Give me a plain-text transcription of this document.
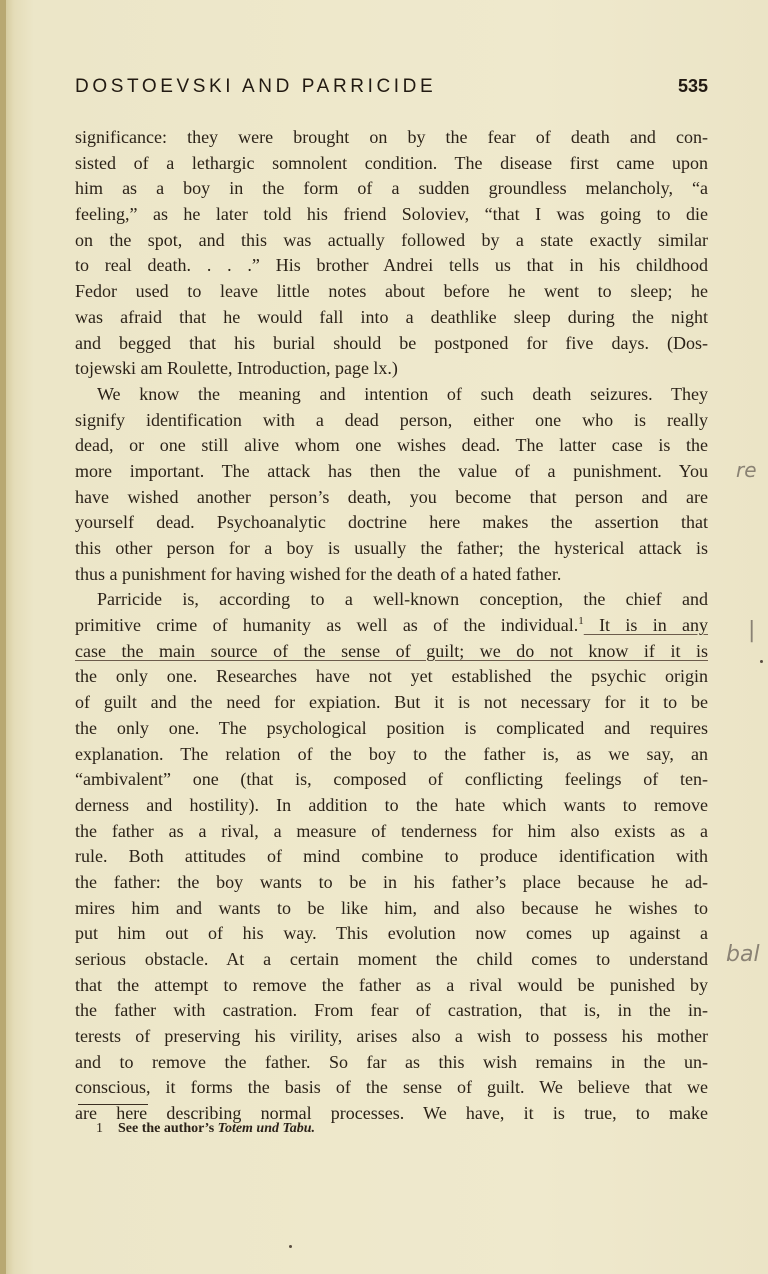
DOSTOEVSKI AND PARRICIDE	535

significance: they were brought on by the fear of death and con-
sisted of a lethargic somnolent condition. The disease first came upon
him as a boy in the form of a sudden groundless melancholy, “a
feeling,” as he later told his friend Soloviev, “that I was going to die
on the spot, and this was actually followed by a state exactly similar
to real death. . . .” His brother Andrei tells us that in his childhood
Fedor used to leave little notes about before he went to sleep; he
was afraid that he would fall into a deathlike sleep during the night
and begged that his burial should be postponed for five days. (Dos-
tojewski am Roulette, Introduction, page lx.)

We know the meaning and intention of such death seizures. They
signify identification with a dead person, either one who is really
dead, or one still alive whom one wishes dead. The latter case is the
more important. The attack has then the value of a punishment. You
have wished another person’s death, you become that person and are
yourself dead. Psychoanalytic doctrine here makes the assertion that
this other person for a boy is usually the father; the hysterical attack is
thus a punishment for having wished for the death of a hated father.

Parricide is, according to a well-known conception, the chief and
primitive crime of humanity as well as of the individual.$^1$ It is in any
case the main source of the sense of guilt; we do not know if it is
the only one. Researches have not yet established the psychic origin
of guilt and the need for expiation. But it is not necessary for it to be
the only one. The psychological position is complicated and requires
explanation. The relation of the boy to the father is, as we say, an
“ambivalent” one (that is, composed of conflicting feelings of ten-
derness and hostility). In addition to the hate which wants to remove
the father as a rival, a measure of tenderness for him also exists as a
rule. Both attitudes of mind combine to produce identification with
the father: the boy wants to be in his father’s place because he ad-
mires him and wants to be like him, and also because he wishes to
put him out of his way. This evolution now comes up against a
serious obstacle. At a certain moment the child comes to understand
that the attempt to remove the father as a rival would be punished by
the father with castration. From fear of castration, that is, in the in-
terests of preserving his virility, arises also a wish to possess his mother
and to remove the father. So far as this wish remains in the un-
conscious, it forms the basis of the sense of guilt. We believe that we
are here describing normal processes. We have, it is true, to make

1 See the author’s Totem und Tabu.
re
bal
|
